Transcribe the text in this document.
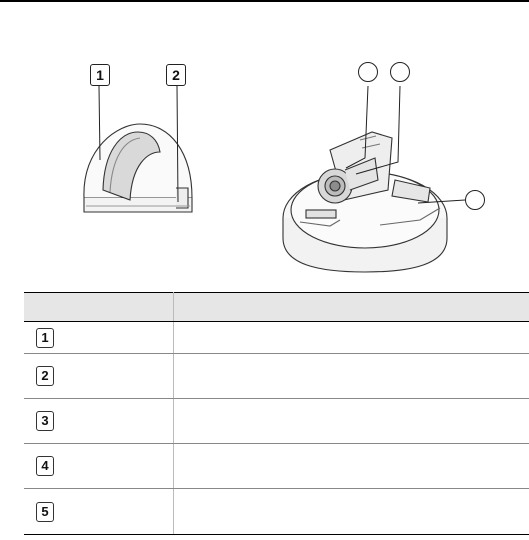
1	2

1	
2	
3	
4	
5	
